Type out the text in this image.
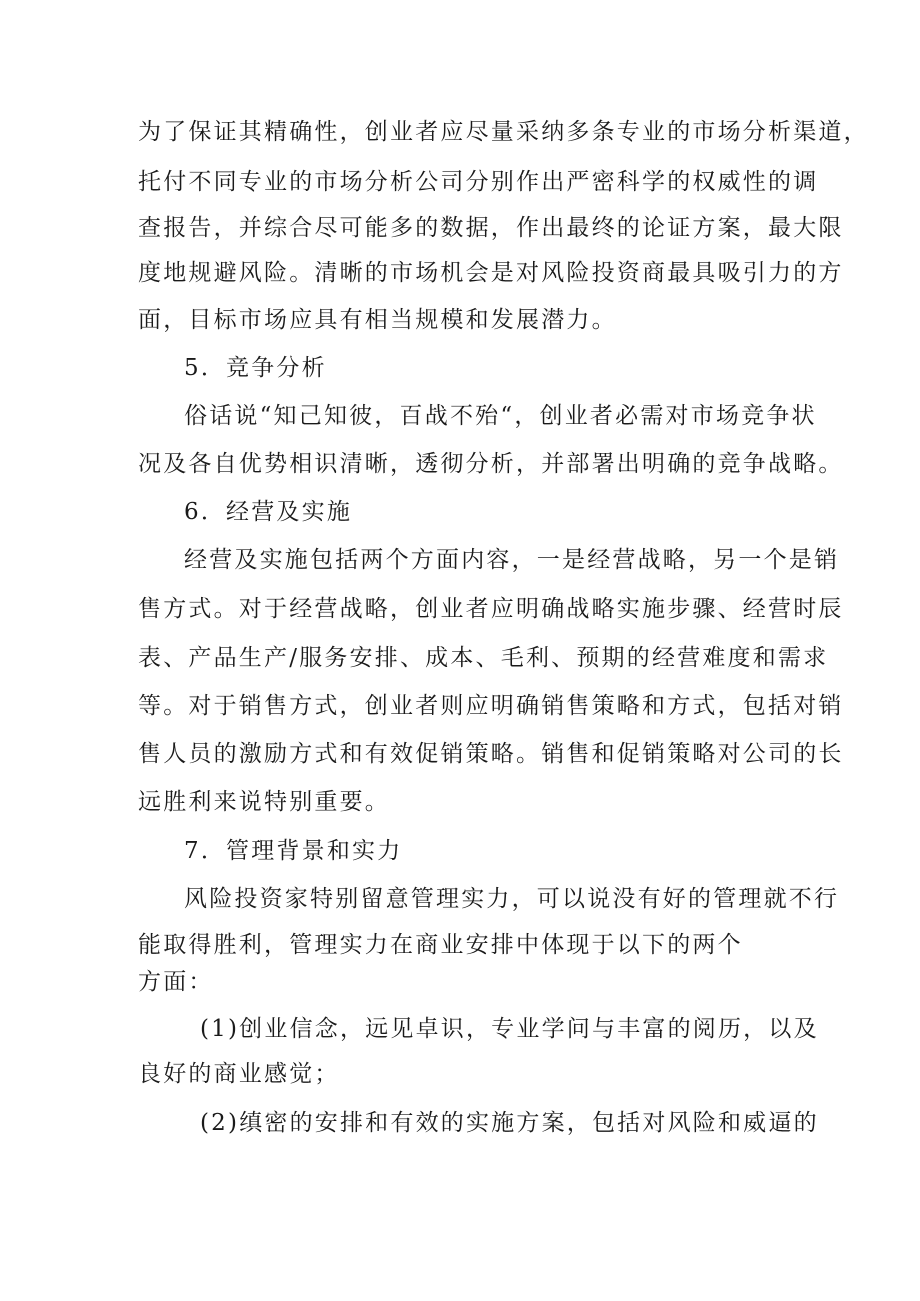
为了保证其精确性，创业者应尽量采纳多条专业的市场分析渠道，
托付不同专业的市场分析公司分别作出严密科学的权威性的调
查报告，并综合尽可能多的数据，作出最终的论证方案，最大限
度地规避风险。清晰的市场机会是对风险投资商最具吸引力的方
面，目标市场应具有相当规模和发展潜力。
5．竞争分析
俗话说“知己知彼，百战不殆“，创业者必需对市场竞争状
况及各自优势相识清晰，透彻分析，并部署出明确的竞争战略。
6．经营及实施
经营及实施包括两个方面内容，一是经营战略，另一个是销
售方式。对于经营战略，创业者应明确战略实施步骤、经营时辰
表、产品生产/服务安排、成本、毛利、预期的经营难度和需求
等。对于销售方式，创业者则应明确销售策略和方式，包括对销
售人员的激励方式和有效促销策略。销售和促销策略对公司的长
远胜利来说特别重要。
7．管理背景和实力
风险投资家特别留意管理实力，可以说没有好的管理就不行
能取得胜利，管理实力在商业安排中体现于以下的两个
方面：
(1)创业信念，远见卓识，专业学问与丰富的阅历，以及
良好的商业感觉；
(2)缜密的安排和有效的实施方案，包括对风险和威逼的
